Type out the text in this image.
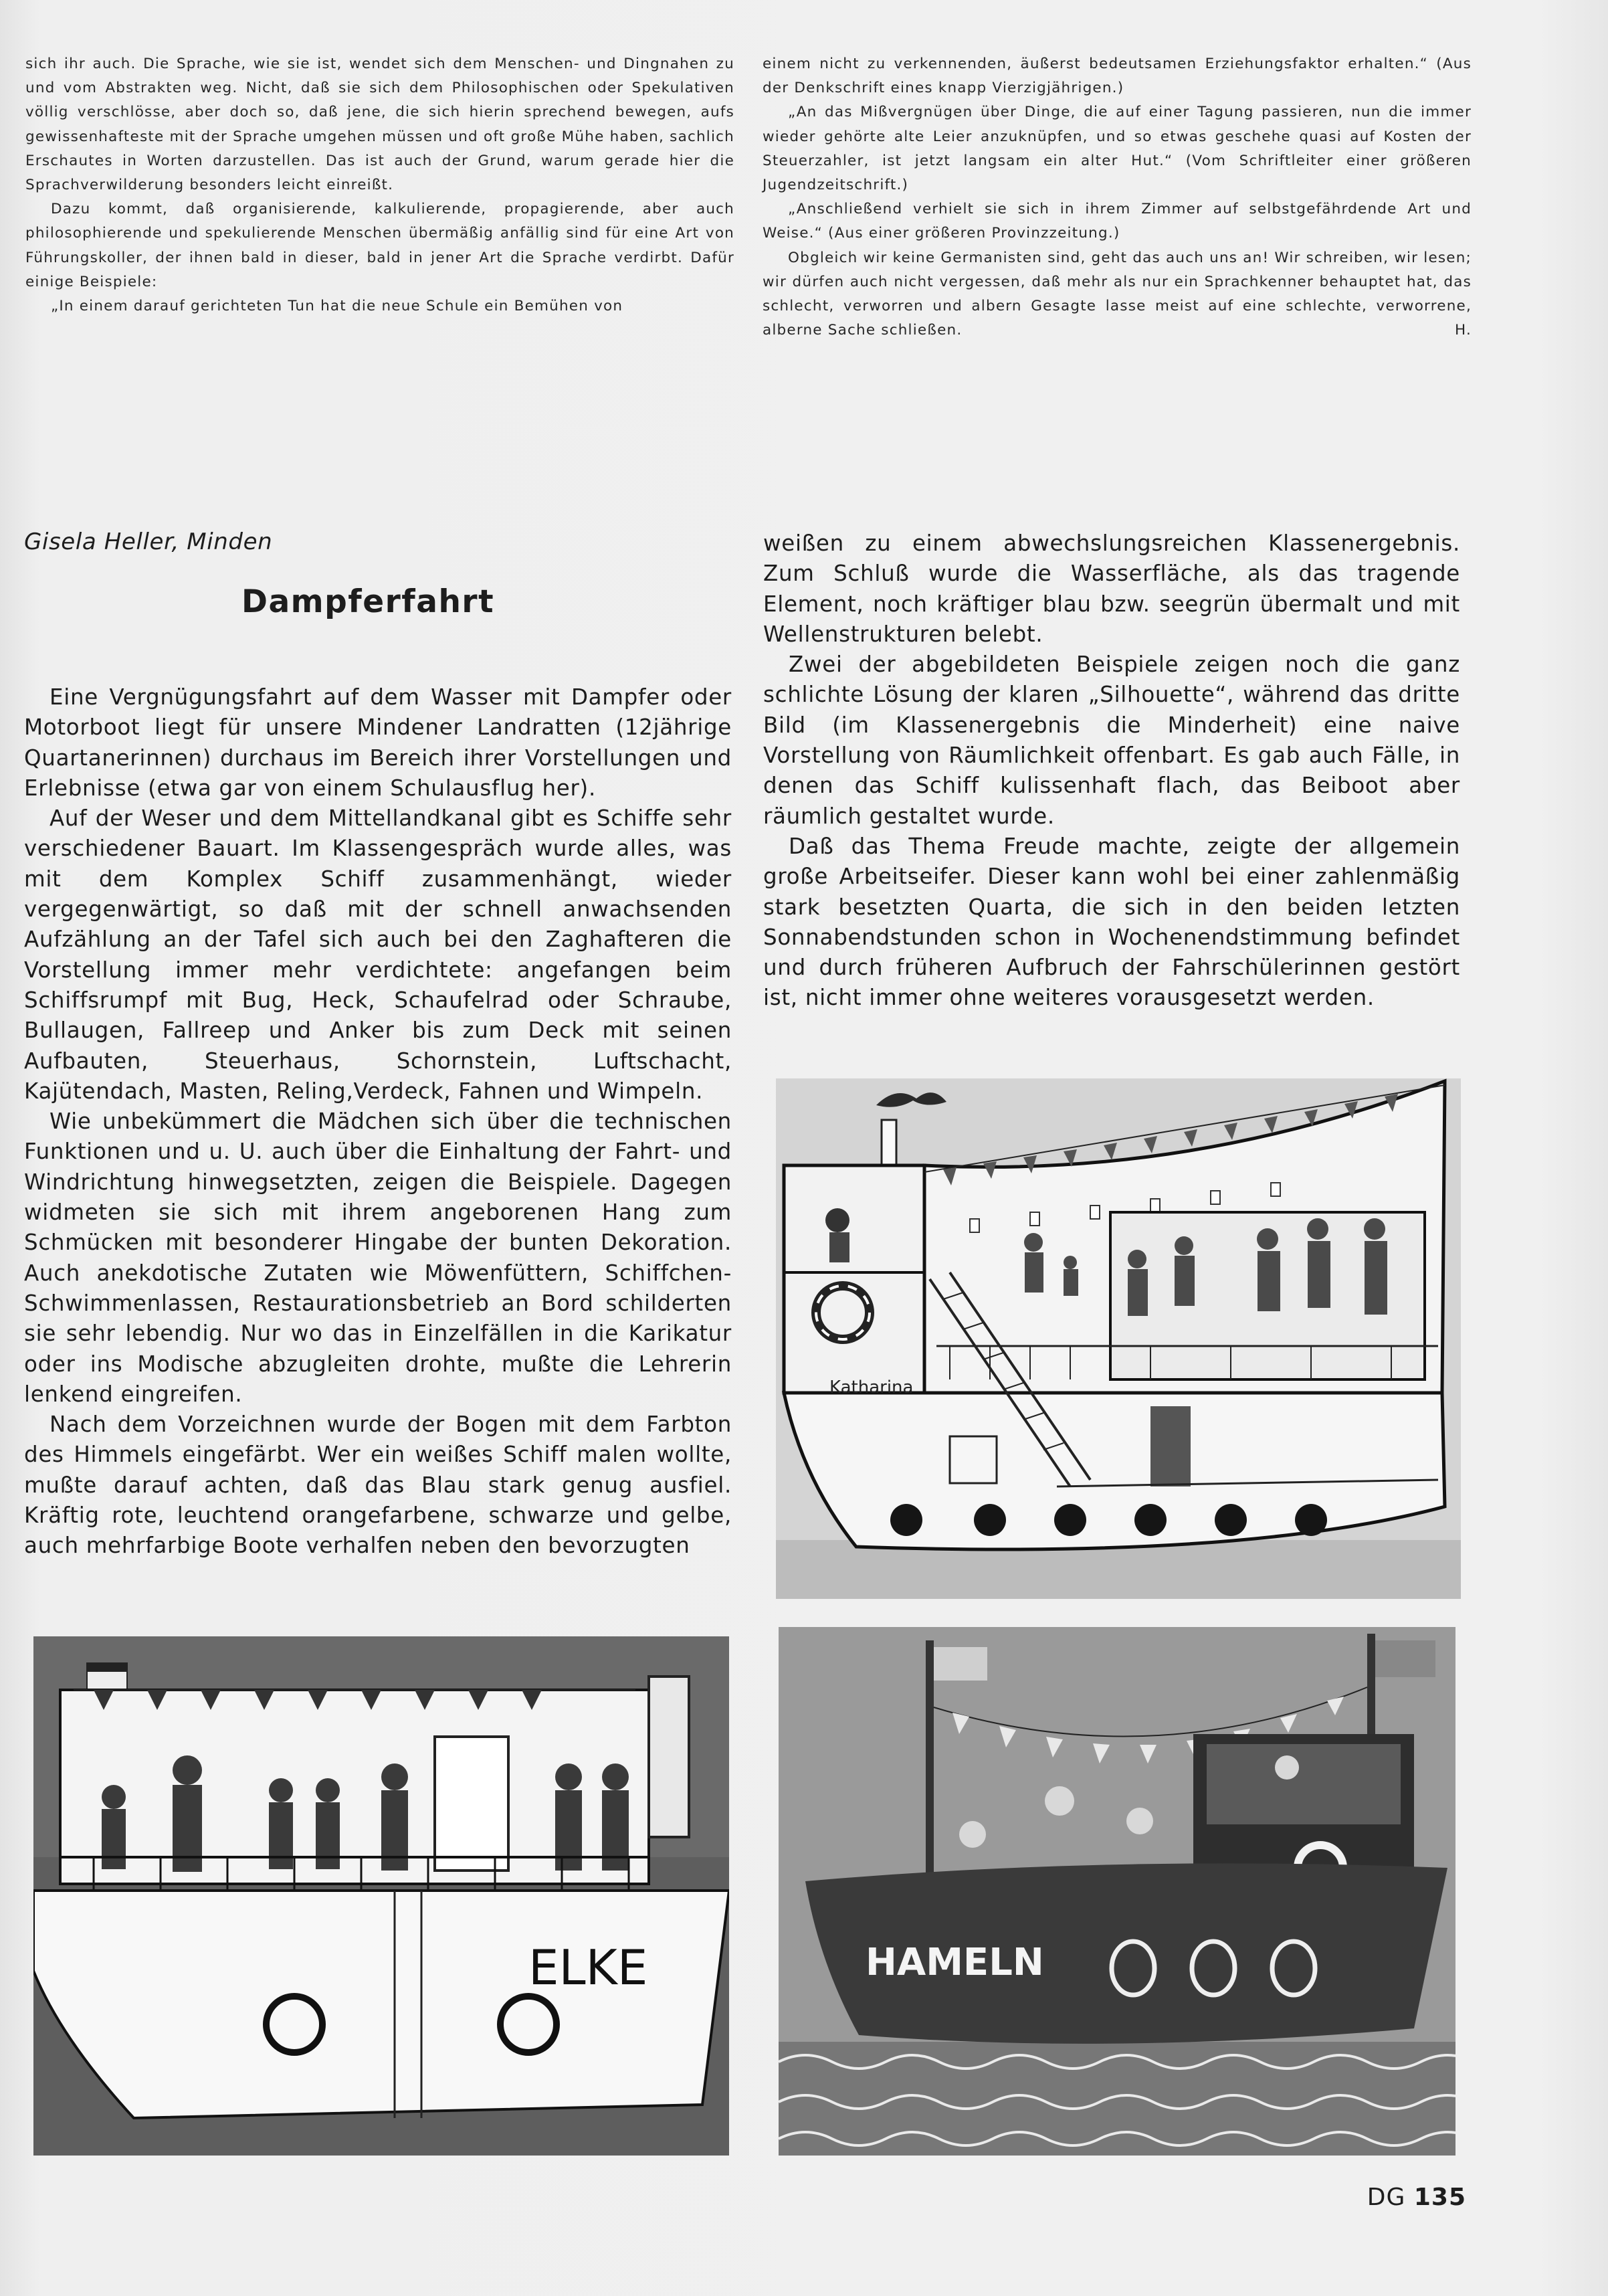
sich ihr auch. Die Sprache, wie sie ist, wendet sich dem Menschen- und Dingnahen zu und vom Abstrakten weg. Nicht, daß sie sich dem Philosophischen oder Spekulativen völlig verschlösse, aber doch so, daß jene, die sich hierin sprechend bewegen, aufs gewissenhafteste mit der Sprache umgehen müssen und oft große Mühe haben, sachlich Erschautes in Worten darzustellen. Das ist auch der Grund, warum gerade hier die Sprachverwilderung besonders leicht einreißt.

Dazu kommt, daß organisierende, kalkulierende, propagierende, aber auch philosophierende und spekulierende Menschen übermäßig anfällig sind für eine Art von Führungskoller, der ihnen bald in dieser, bald in jener Art die Sprache verdirbt. Dafür einige Beispiele:

„In einem darauf gerichteten Tun hat die neue Schule ein Bemühen von

einem nicht zu verkennenden, äußerst bedeutsamen Erziehungsfaktor erhalten.“ (Aus der Denkschrift eines knapp Vierzigjährigen.)

„An das Mißvergnügen über Dinge, die auf einer Tagung passieren, nun die immer wieder gehörte alte Leier anzuknüpfen, und so etwas geschehe quasi auf Kosten der Steuerzahler, ist jetzt langsam ein alter Hut.“ (Vom Schriftleiter einer größeren Jugendzeitschrift.)

„Anschließend verhielt sie sich in ihrem Zimmer auf selbstgefährdende Art und Weise.“ (Aus einer größeren Provinzzeitung.)

Obgleich wir keine Germanisten sind, geht das auch uns an! Wir schreiben, wir lesen; wir dürfen auch nicht vergessen, daß mehr als nur ein Sprachkenner behauptet hat, das schlecht, verworren und albern Gesagte lasse meist auf eine schlechte, verworrene, alberne Sache schließen.	H.

Gisela Heller, Minden
Dampferfahrt

Eine Vergnügungsfahrt auf dem Wasser mit Dampfer oder Motorboot liegt für unsere Mindener Landratten (12jährige Quartanerinnen) durchaus im Bereich ihrer Vorstellungen und Erlebnisse (etwa gar von einem Schulausflug her).

Auf der Weser und dem Mittellandkanal gibt es Schiffe sehr verschiedener Bauart. Im Klassengespräch wurde alles, was mit dem Komplex Schiff zusammenhängt, wieder vergegenwärtigt, so daß mit der schnell anwachsenden Aufzählung an der Tafel sich auch bei den Zaghafteren die Vorstellung immer mehr verdichtete: angefangen beim Schiffsrumpf mit Bug, Heck, Schaufelrad oder Schraube, Bullaugen, Fallreep und Anker bis zum Deck mit seinen Aufbauten, Steuerhaus, Schornstein, Luftschacht, Kajütendach, Masten, Reling,Verdeck, Fahnen und Wimpeln.

Wie unbekümmert die Mädchen sich über die technischen Funktionen und u. U. auch über die Einhaltung der Fahrt- und Windrichtung hinwegsetzten, zeigen die Beispiele. Dagegen widmeten sie sich mit ihrem angeborenen Hang zum Schmücken mit besonderer Hingabe der bunten Dekoration. Auch anekdotische Zutaten wie Möwenfüttern, Schiffchen-Schwimmenlassen, Restaurationsbetrieb an Bord schilderten sie sehr lebendig. Nur wo das in Einzelfällen in die Karikatur oder ins Modische abzugleiten drohte, mußte die Lehrerin lenkend eingreifen.

Nach dem Vorzeichnen wurde der Bogen mit dem Farbton des Himmels eingefärbt. Wer ein weißes Schiff malen wollte, mußte darauf achten, daß das Blau stark genug ausfiel. Kräftig rote, leuchtend orangefarbene, schwarze und gelbe, auch mehrfarbige Boote verhalfen neben den bevorzugten

weißen zu einem abwechslungsreichen Klassenergebnis. Zum Schluß wurde die Wasserfläche, als das tragende Element, noch kräftiger blau bzw. seegrün übermalt und mit Wellenstrukturen belebt.

Zwei der abgebildeten Beispiele zeigen noch die ganz schlichte Lösung der klaren „Silhouette“, während das dritte Bild (im Klassenergebnis die Minderheit) eine naive Vorstellung von Räumlichkeit offenbart. Es gab auch Fälle, in denen das Schiff kulissenhaft flach, das Beiboot aber räumlich gestaltet wurde.

Daß das Thema Freude machte, zeigte der allgemein große Arbeitseifer. Dieser kann wohl bei einer zahlenmäßig stark besetzten Quarta, die sich in den beiden letzten Sonnabendstunden schon in Wochenendstimmung befindet und durch früheren Aufbruch der Fahrschülerinnen gestört ist, nicht immer ohne weiteres vorausgesetzt werden.

Katharina
ELKE	HAMELN
DG 135
